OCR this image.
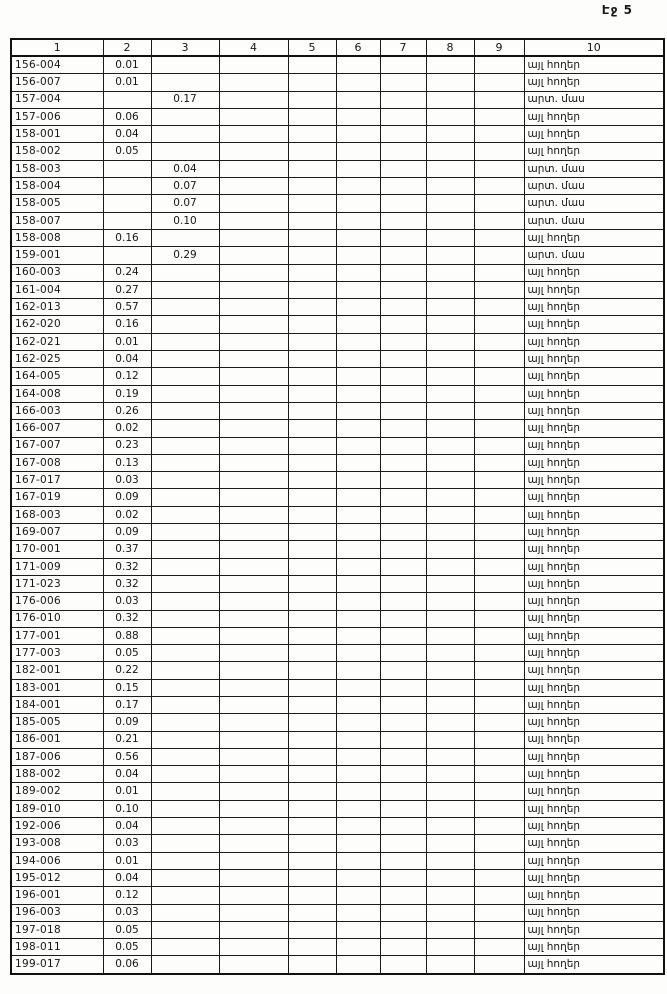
Էջ 5
1	2	3	4	5	6	7	8	9	10
156-004	0.01								այլ հողեր
156-007	0.01								այլ հողեր
157-004		0.17							արտ. մաս
157-006	0.06								այլ հողեր
158-001	0.04								այլ հողեր
158-002	0.05								այլ հողեր
158-003		0.04							արտ. մաս
158-004		0.07							արտ. մաս
158-005		0.07							արտ. մաս
158-007		0.10							արտ. մաս
158-008	0.16								այլ հողեր
159-001		0.29							արտ. մաս
160-003	0.24								այլ հողեր
161-004	0.27								այլ հողեր
162-013	0.57								այլ հողեր
162-020	0.16								այլ հողեր
162-021	0.01								այլ հողեր
162-025	0.04								այլ հողեր
164-005	0.12								այլ հողեր
164-008	0.19								այլ հողեր
166-003	0.26								այլ հողեր
166-007	0.02								այլ հողեր
167-007	0.23								այլ հողեր
167-008	0.13								այլ հողեր
167-017	0.03								այլ հողեր
167-019	0.09								այլ հողեր
168-003	0.02								այլ հողեր
169-007	0.09								այլ հողեր
170-001	0.37								այլ հողեր
171-009	0.32								այլ հողեր
171-023	0.32								այլ հողեր
176-006	0.03								այլ հողեր
176-010	0.32								այլ հողեր
177-001	0.88								այլ հողեր
177-003	0.05								այլ հողեր
182-001	0.22								այլ հողեր
183-001	0.15								այլ հողեր
184-001	0.17								այլ հողեր
185-005	0.09								այլ հողեր
186-001	0.21								այլ հողեր
187-006	0.56								այլ հողեր
188-002	0.04								այլ հողեր
189-002	0.01								այլ հողեր
189-010	0.10								այլ հողեր
192-006	0.04								այլ հողեր
193-008	0.03								այլ հողեր
194-006	0.01								այլ հողեր
195-012	0.04								այլ հողեր
196-001	0.12								այլ հողեր
196-003	0.03								այլ հողեր
197-018	0.05								այլ հողեր
198-011	0.05								այլ հողեր
199-017	0.06								այլ հողեր
